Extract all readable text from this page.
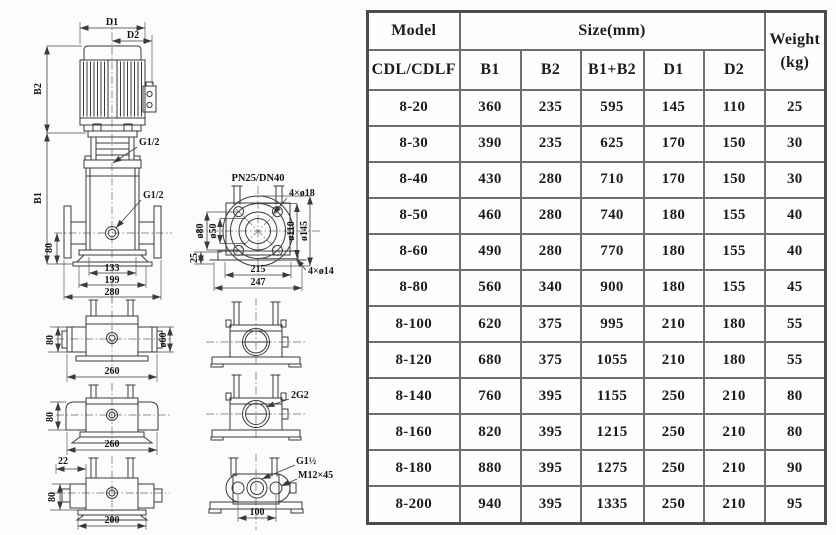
D1
D2
B2
B1
G1/2
G1/2
80
133
199
280
PN25/DN40
4×ø18
4×ø14
ø80 ø50	ø110 ø145
25
215
247
80	ø60
260
80
260
22
80
200
2G2
G1½
M12×45
100
Model	Size(mm)					Weight
(kg)

CDL/CDLF	B1	B2	B1+B2	D1	D2	
8-20	360	235	595	145	110	25
8-30	390	235	625	170	150	30
8-40	430	280	710	170	150	30
8-50	460	280	740	180	155	40
8-60	490	280	770	180	155	40
8-80	560	340	900	180	155	45
8-100	620	375	995	210	180	55
8-120	680	375	1055	210	180	55
8-140	760	395	1155	250	210	80
8-160	820	395	1215	250	210	80
8-180	880	395	1275	250	210	90
8-200	940	395	1335	250	210	95
